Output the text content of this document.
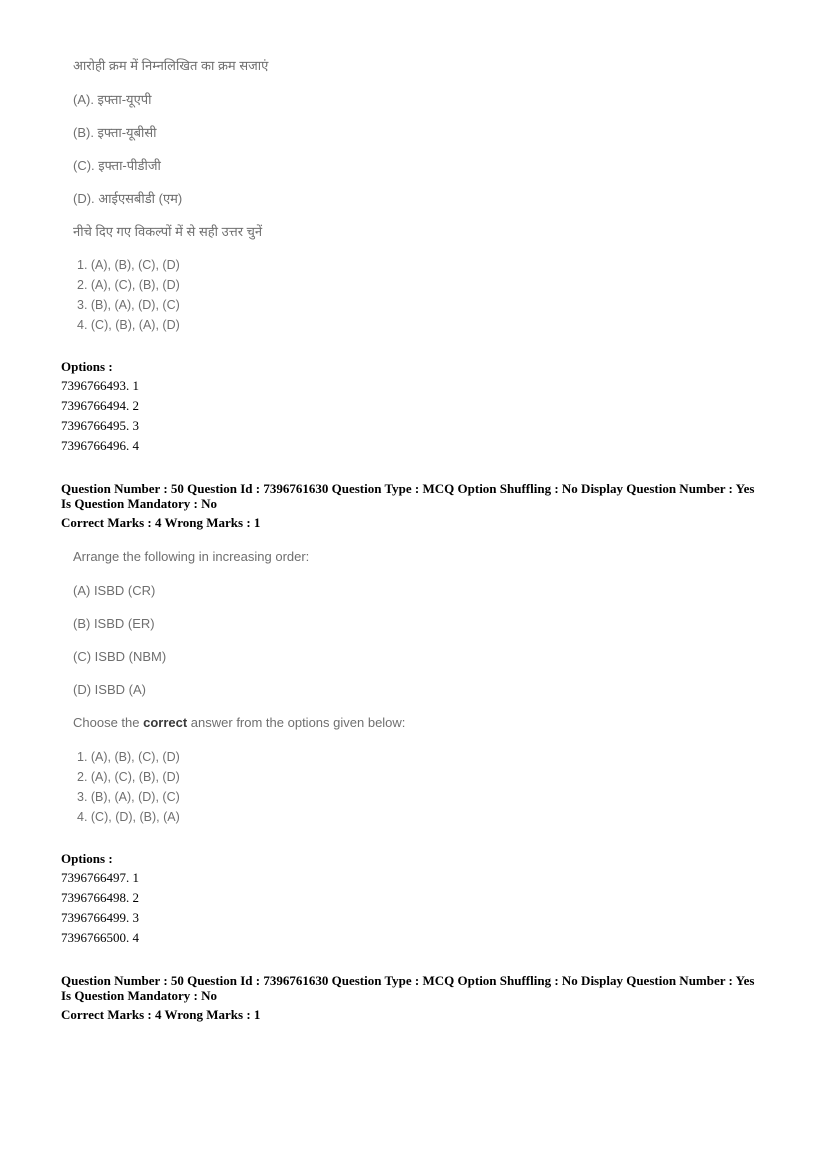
आरोही क्रम में निम्नलिखित का क्रम सजाएं
(A). इफ्ता-यूएपी
(B). इफ्ता-यूबीसी
(C). इफ्ता-पीडीजी
(D). आईएसबीडी (एम)
नीचे दिए गए विकल्पों में से सही उत्तर चुनें
1. (A), (B), (C), (D)
2. (A), (C), (B), (D)
3. (B), (A), (D), (C)
4. (C), (B), (A), (D)
Options :
7396766493. 1
7396766494. 2
7396766495. 3
7396766496. 4
Question Number : 50 Question Id : 7396761630 Question Type : MCQ Option Shuffling : No Display Question Number : Yes
Is Question Mandatory : No
Correct Marks : 4 Wrong Marks : 1
Arrange the following in increasing order:
(A) ISBD (CR)
(B) ISBD (ER)
(C) ISBD (NBM)
(D) ISBD (A)
Choose the correct answer from the options given below:
1. (A), (B), (C), (D)
2. (A), (C), (B), (D)
3. (B), (A), (D), (C)
4. (C), (D), (B), (A)
Options :
7396766497. 1
7396766498. 2
7396766499. 3
7396766500. 4
Question Number : 50 Question Id : 7396761630 Question Type : MCQ Option Shuffling : No Display Question Number : Yes
Is Question Mandatory : No
Correct Marks : 4 Wrong Marks : 1
